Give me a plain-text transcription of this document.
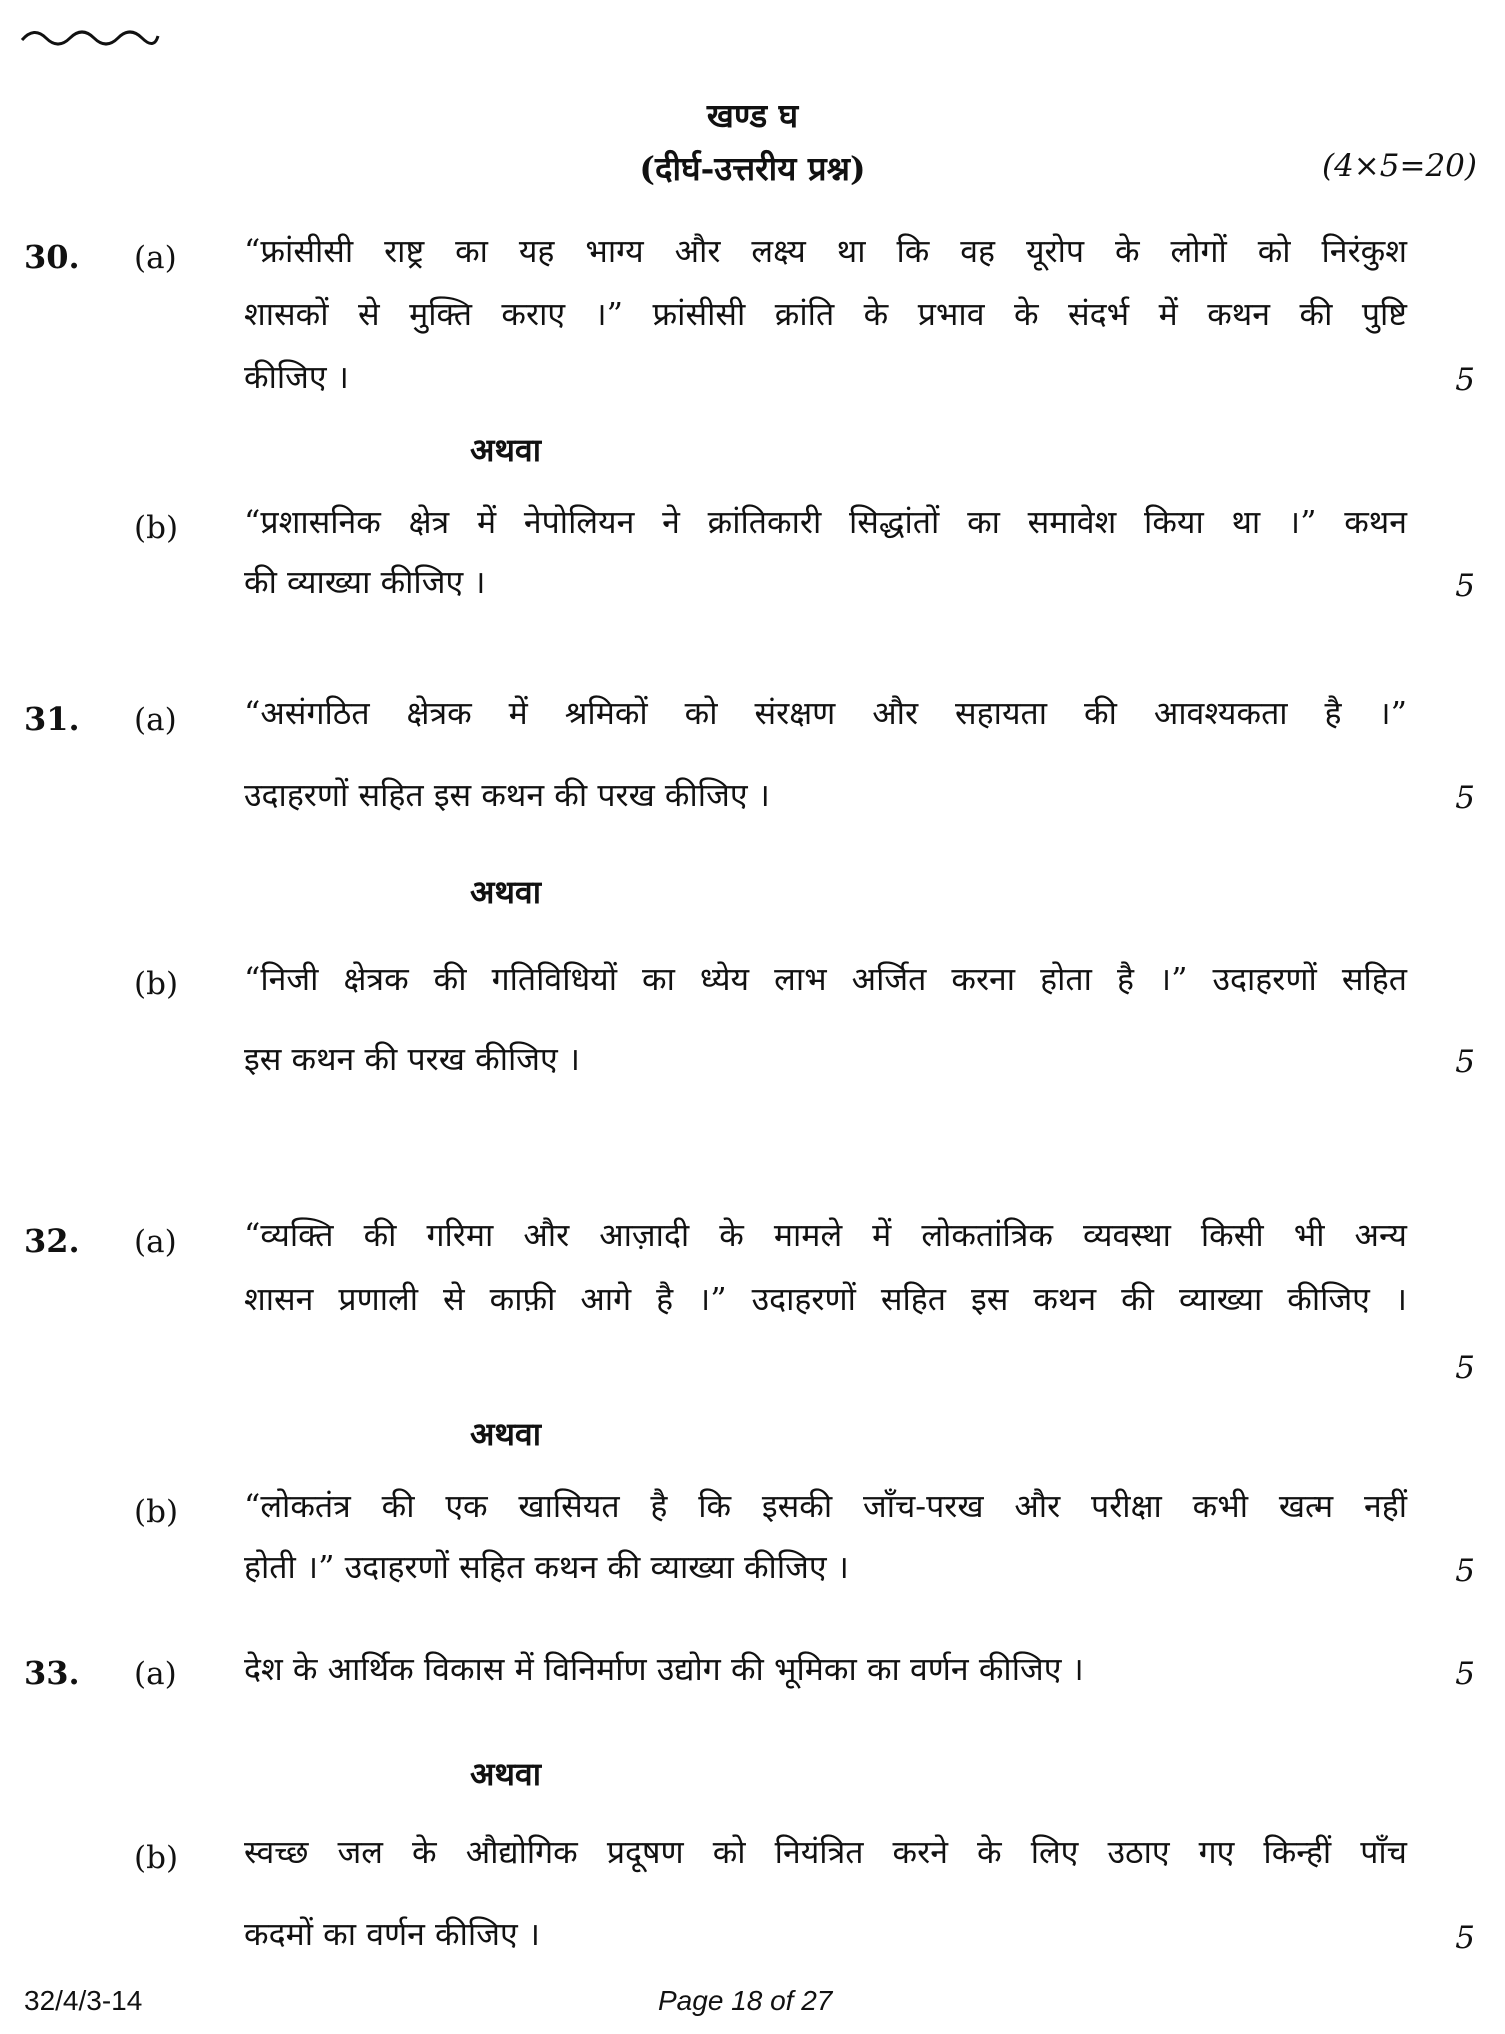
खण्ड घ
(दीर्घ-उत्तरीय प्रश्न)	(4×5=20)
30. (a) “फ्रांसीसी राष्ट्र का यह भाग्य और लक्ष्य था कि वह यूरोप के लोगों को निरंकुश
शासकों से मुक्ति कराए ।” फ्रांसीसी क्रांति के प्रभाव के संदर्भ में कथन की पुष्टि
कीजिए ।	5
अथवा
(b) “प्रशासनिक क्षेत्र में नेपोलियन ने क्रांतिकारी सिद्धांतों का समावेश किया था ।” कथन
की व्याख्या कीजिए ।	5
31. (a) “असंगठित क्षेत्रक में श्रमिकों को संरक्षण और सहायता की आवश्यकता है ।”
उदाहरणों सहित इस कथन की परख कीजिए ।	5
अथवा
(b) “निजी क्षेत्रक की गतिविधियों का ध्येय लाभ अर्जित करना होता है ।” उदाहरणों सहित
इस कथन की परख कीजिए ।	5
32. (a) “व्यक्ति की गरिमा और आज़ादी के मामले में लोकतांत्रिक व्यवस्था किसी भी अन्य
शासन प्रणाली से काफ़ी आगे है ।” उदाहरणों सहित इस कथन की व्याख्या कीजिए ।
5
अथवा
(b) “लोकतंत्र की एक खासियत है कि इसकी जाँच-परख और परीक्षा कभी खत्म नहीं
होती ।” उदाहरणों सहित कथन की व्याख्या कीजिए ।	5
33. (a) देश के आर्थिक विकास में विनिर्माण उद्योग की भूमिका का वर्णन कीजिए ।	5
अथवा
(b) स्वच्छ जल के औद्योगिक प्रदूषण को नियंत्रित करने के लिए उठाए गए किन्हीं पाँच
कदमों का वर्णन कीजिए ।	5
32/4/3-14	Page 18 of 27
